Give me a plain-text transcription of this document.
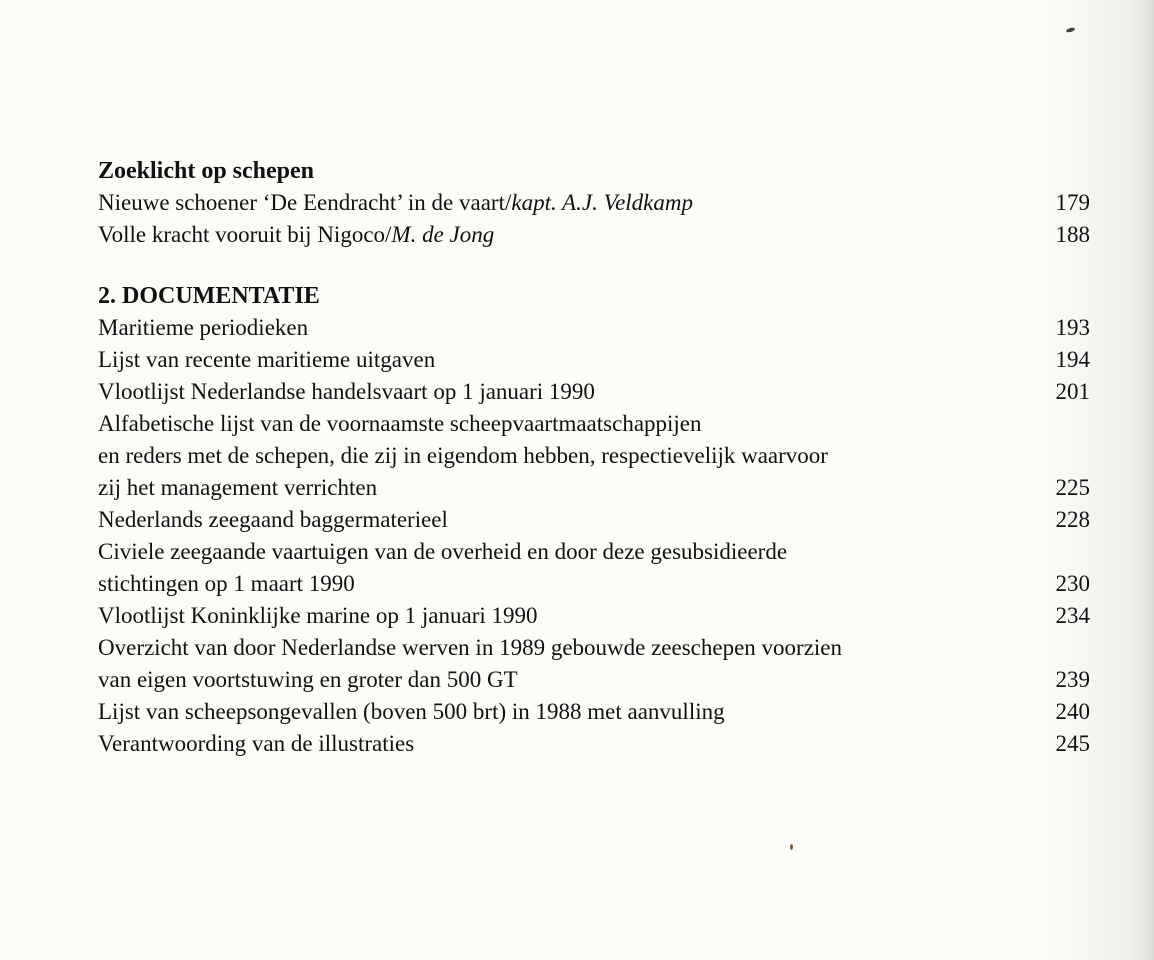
Zoeklicht op schepen
Nieuwe schoener ‘De Eendracht’ in de vaart/kapt. A.J. Veldkamp	179
Volle kracht vooruit bij Nigoco/M. de Jong	188
2. DOCUMENTATIE
Maritieme periodieken	193
Lijst van recente maritieme uitgaven	194
Vlootlijst Nederlandse handelsvaart op 1 januari 1990	201
Alfabetische lijst van de voornaamste scheepvaartmaatschappijen
en reders met de schepen, die zij in eigendom hebben, respectievelijk waarvoor
zij het management verrichten	225
Nederlands zeegaand baggermaterieel	228
Civiele zeegaande vaartuigen van de overheid en door deze gesubsidieerde
stichtingen op 1 maart 1990	230
Vlootlijst Koninklijke marine op 1 januari 1990	234
Overzicht van door Nederlandse werven in 1989 gebouwde zeeschepen voorzien
van eigen voortstuwing en groter dan 500 GT	239
Lijst van scheepsongevallen (boven 500 brt) in 1988 met aanvulling	240
Verantwoording van de illustraties	245
